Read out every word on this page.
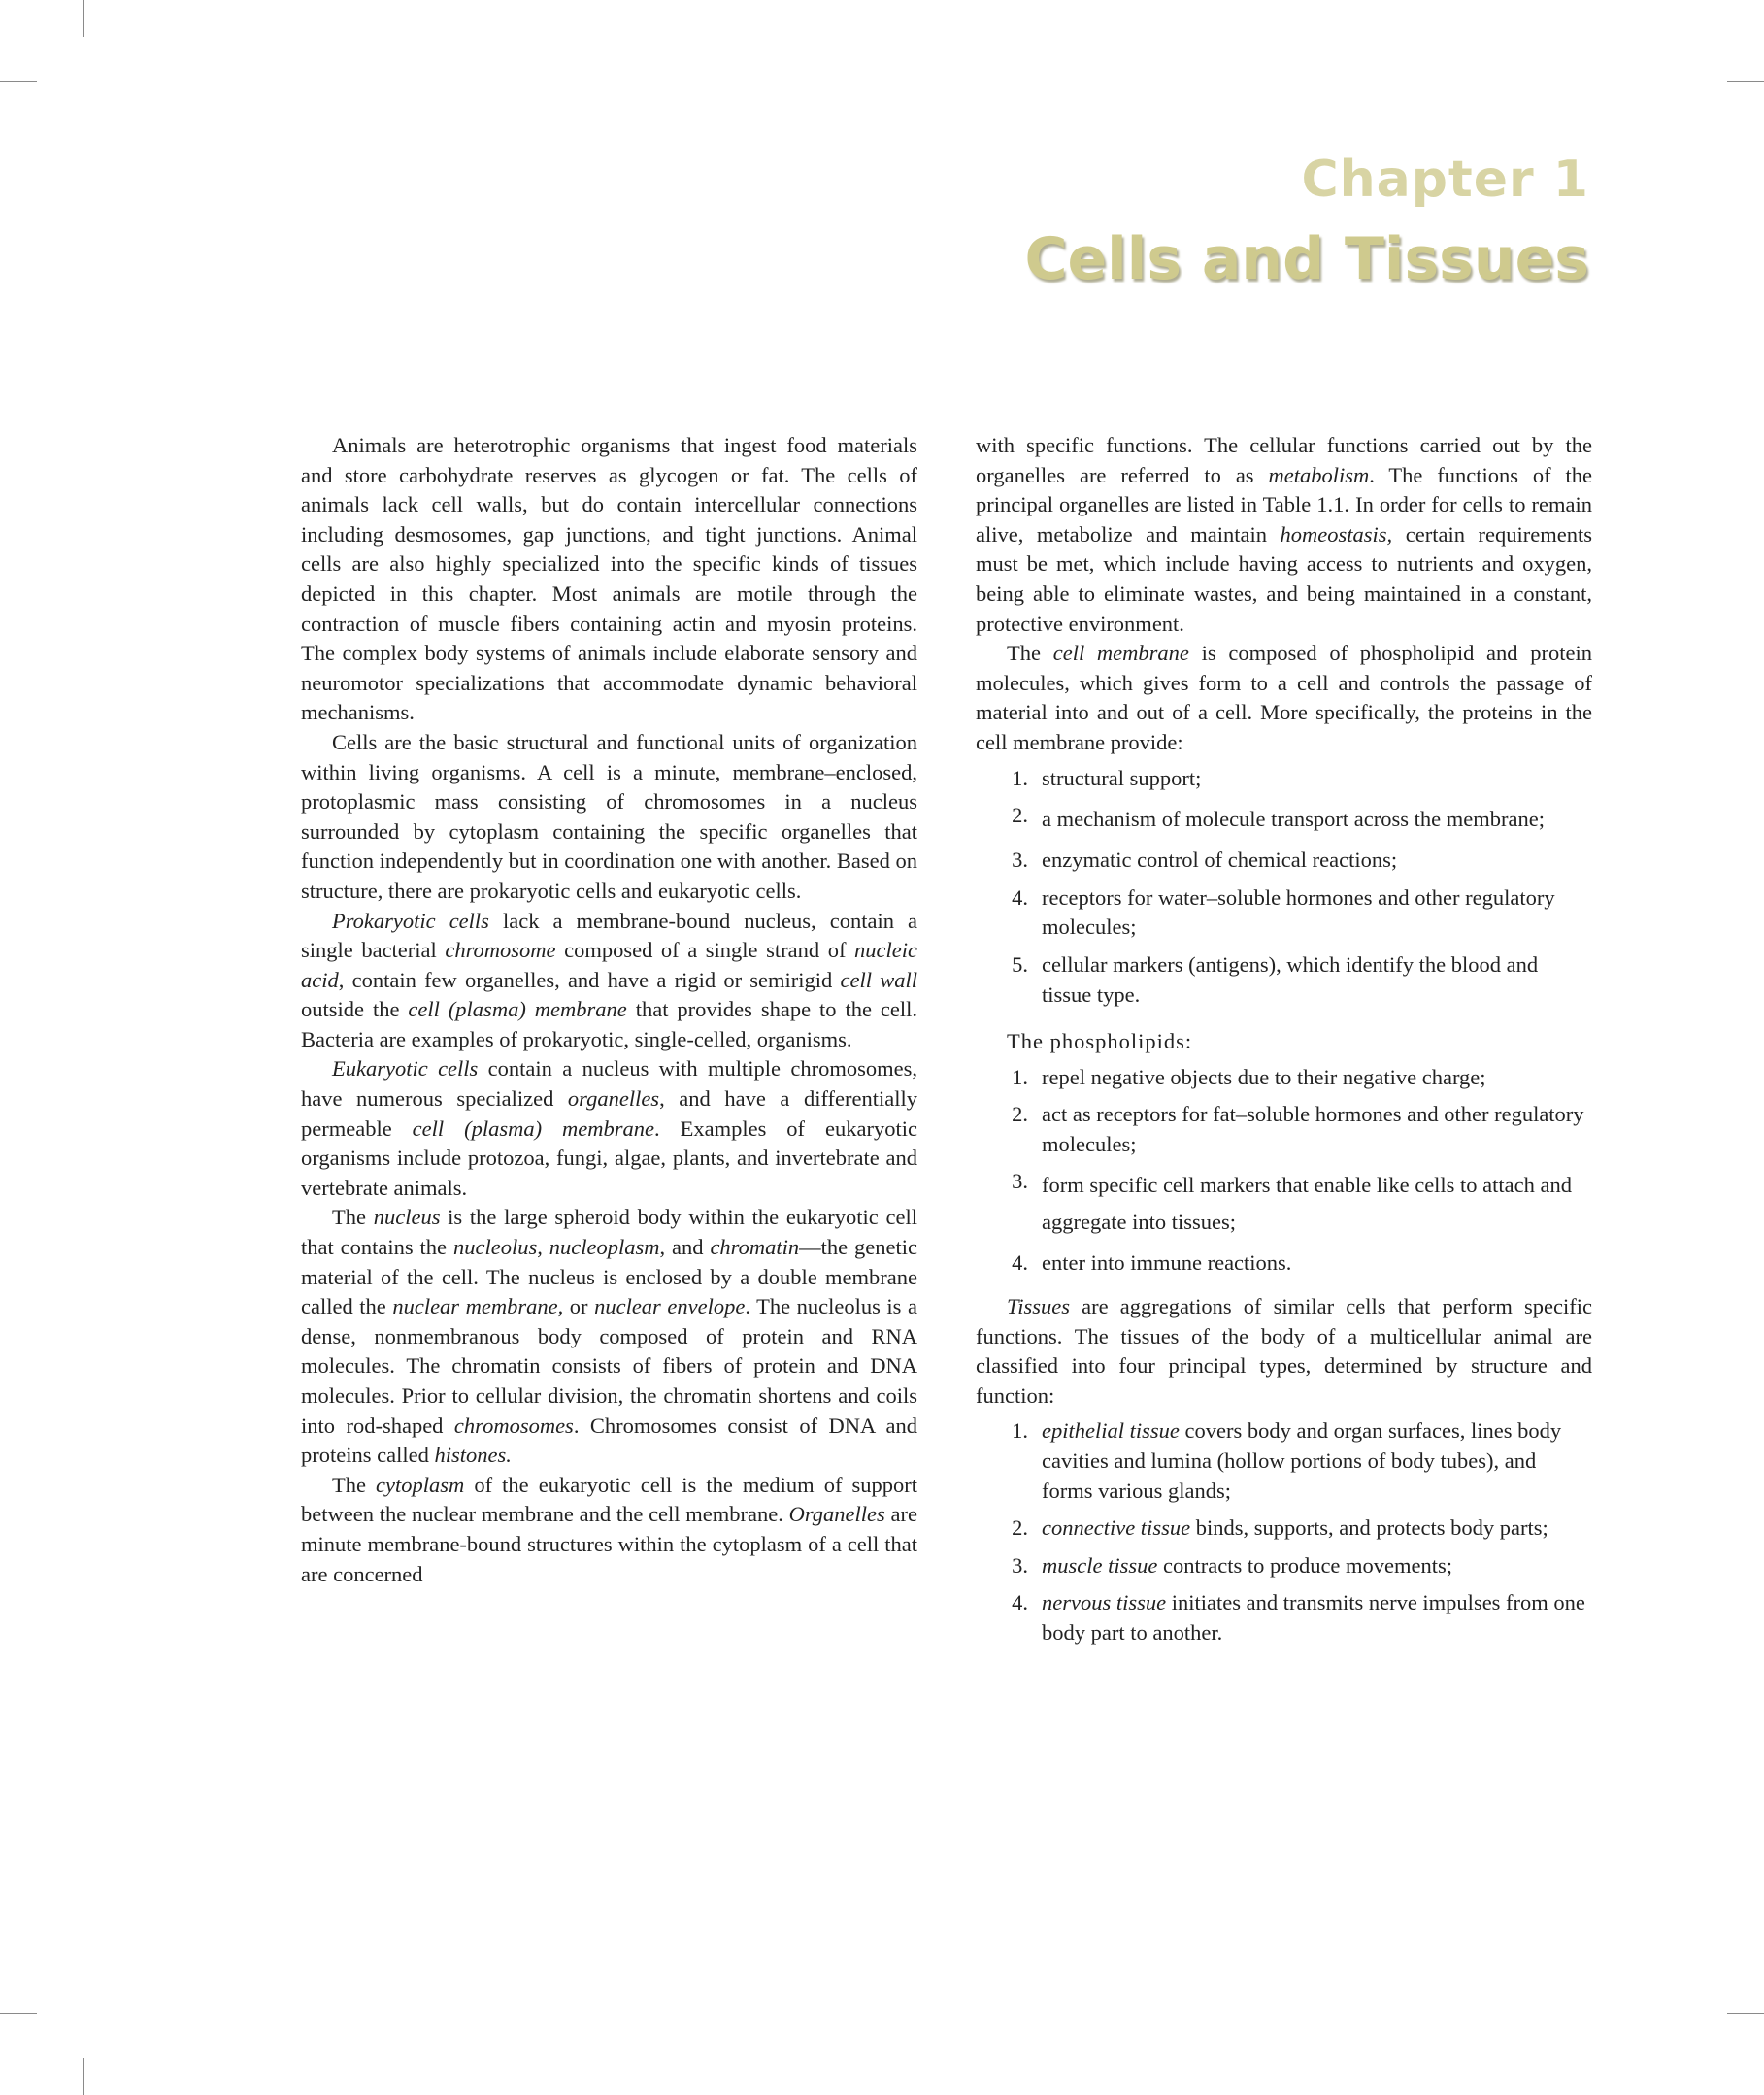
Chapter 1
Cells and Tissues

Animals are heterotrophic organisms that ingest food materials and store carbohydrate reserves as glycogen or fat. The cells of animals lack cell walls, but do contain intercellular connections including desmosomes, gap junctions, and tight junctions. Animal cells are also highly specialized into the specific kinds of tissues depicted in this chapter. Most animals are motile through the contraction of muscle fibers containing actin and myosin proteins. The complex body systems of animals include elaborate sensory and neuromotor specializations that accommodate dynamic behavioral mechanisms.

Cells are the basic structural and functional units of organization within living organisms. A cell is a minute, membrane–enclosed, protoplasmic mass consisting of chromosomes in a nucleus surrounded by cytoplasm containing the specific organelles that function independently but in coordination one with another. Based on structure, there are prokaryotic cells and eukaryotic cells.

Prokaryotic cells lack a membrane-bound nucleus, contain a single bacterial chromosome composed of a single strand of nucleic acid, contain few organelles, and have a rigid or semirigid cell wall outside the cell (plasma) membrane that provides shape to the cell. Bacteria are examples of prokaryotic, single-celled, organisms.

Eukaryotic cells contain a nucleus with multiple chromosomes, have numerous specialized organelles, and have a differentially permeable cell (plasma) membrane. Examples of eukaryotic organisms include protozoa, fungi, algae, plants, and invertebrate and vertebrate animals.

The nucleus is the large spheroid body within the eukaryotic cell that contains the nucleolus, nucleoplasm, and chromatin—the genetic material of the cell. The nucleus is enclosed by a double membrane called the nuclear membrane, or nuclear envelope. The nucleolus is a dense, nonmembranous body composed of protein and RNA molecules. The chromatin consists of fibers of protein and DNA molecules. Prior to cellular division, the chromatin shortens and coils into rod-shaped chromosomes. Chromosomes consist of DNA and proteins called histones.

The cytoplasm of the eukaryotic cell is the medium of support between the nuclear membrane and the cell membrane. Organelles are minute membrane-bound structures within the cytoplasm of a cell that are concerned

with specific functions. The cellular functions carried out by the organelles are referred to as metabolism. The functions of the principal organelles are listed in Table 1.1. In order for cells to remain alive, metabolize and maintain homeostasis, certain requirements must be met, which include having access to nutrients and oxygen, being able to eliminate wastes, and being maintained in a constant, protective environment.

The cell membrane is composed of phospholipid and protein molecules, which gives form to a cell and controls the passage of material into and out of a cell. More specifically, the proteins in the cell membrane provide:

1. structural support;
2. a mechanism of molecule transport across the membrane;
3. enzymatic control of chemical reactions;
4. receptors for water–soluble hormones and other regulatory molecules;
5. cellular markers (antigens), which identify the blood and tissue type.
The phospholipids:
1. repel negative objects due to their negative charge;
2. act as receptors for fat–soluble hormones and other regulatory molecules;
3. form specific cell markers that enable like cells to attach and aggregate into tissues;
4. enter into immune reactions.

Tissues are aggregations of similar cells that perform specific functions. The tissues of the body of a multicellular animal are classified into four principal types, determined by structure and function:

1. epithelial tissue covers body and organ surfaces, lines body cavities and lumina (hollow portions of body tubes), and forms various glands;
2. connective tissue binds, supports, and protects body parts;
3. muscle tissue contracts to produce movements;
4. nervous tissue initiates and transmits nerve impulses from one body part to another.
